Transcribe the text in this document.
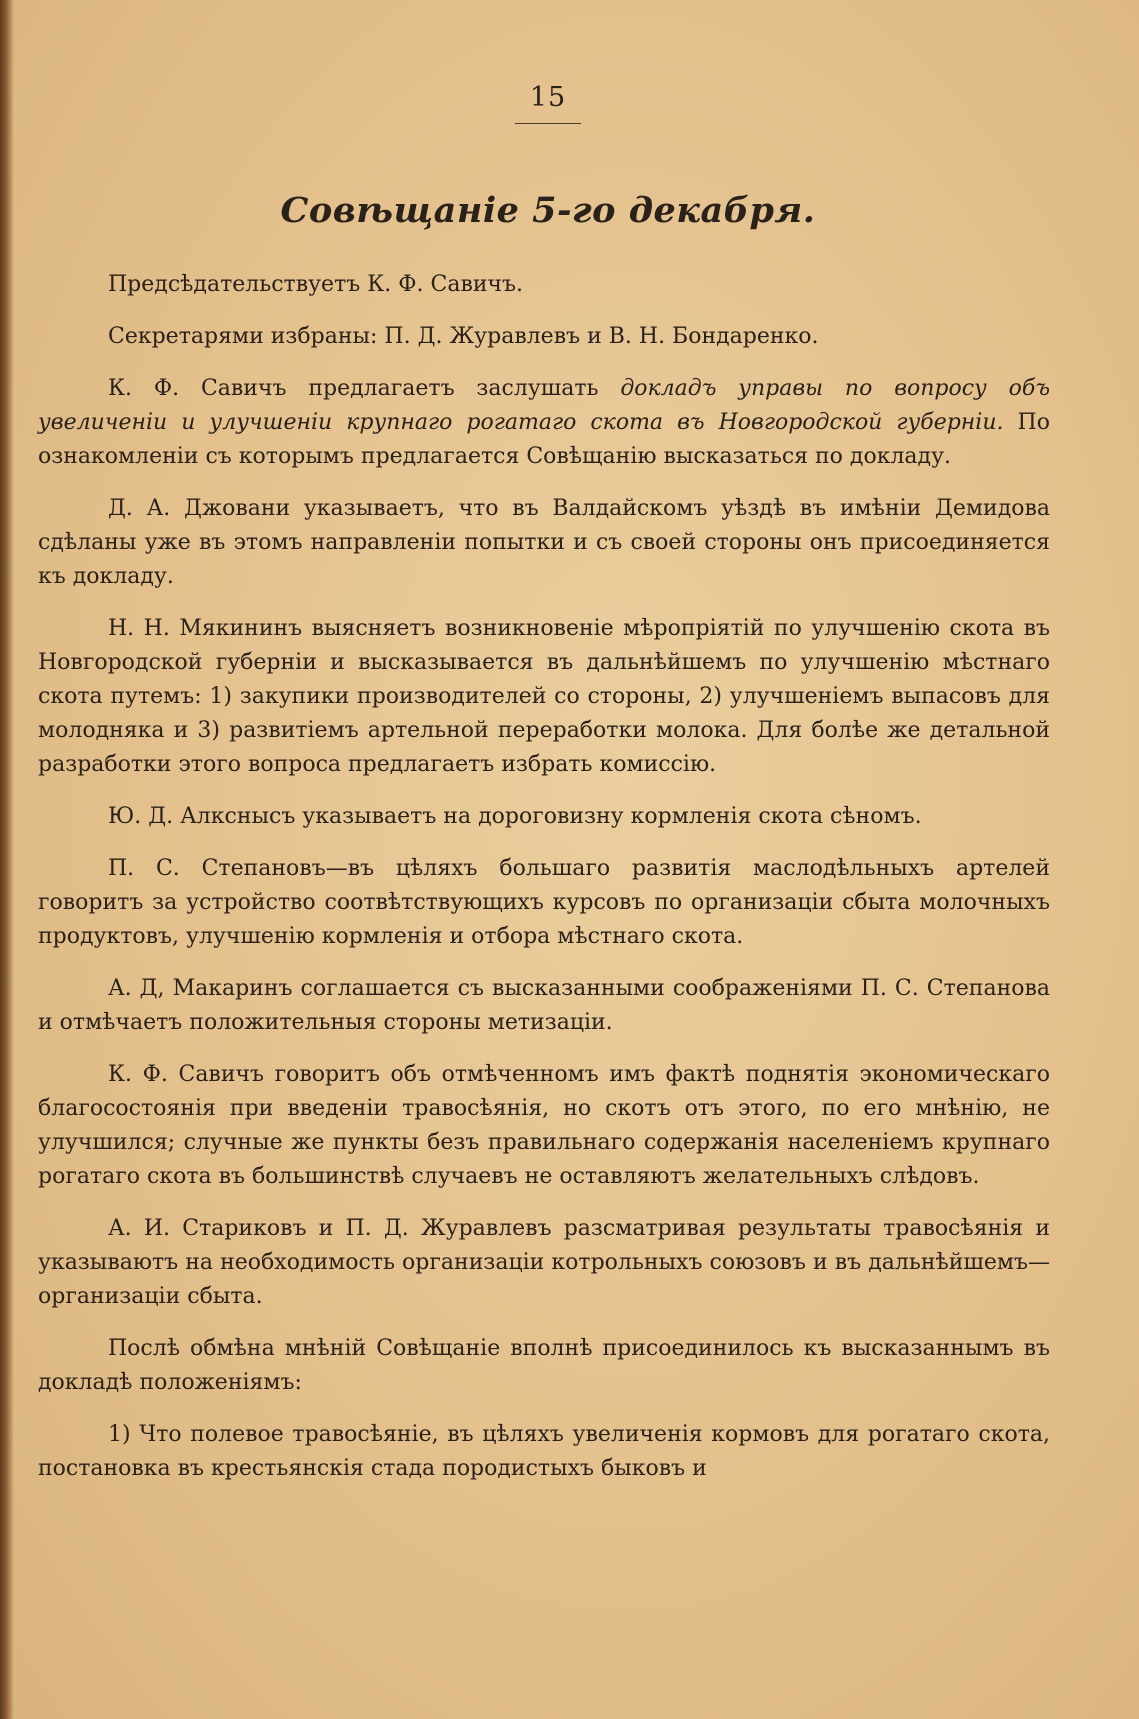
15
Совѣщаніе 5-го декабря.

Предсѣдательствуетъ К. Ф. Савичъ.

Секретарями избраны: П. Д. Журавлевъ и В. Н. Бондаренко.

К. Ф. Савичъ предлагаетъ заслушать докладъ управы по вопросу объ увеличеніи и улучшеніи крупнаго рогатаго скота въ Новгородской губерніи. По ознакомленіи съ которымъ предлагается Совѣщанію высказаться по докладу.

Д. А. Джовани указываетъ, что въ Валдайскомъ уѣздѣ въ имѣніи Демидова сдѣланы уже въ этомъ направленіи попытки и съ своей стороны онъ присоединяется къ докладу.

Н. Н. Мякининъ выясняетъ возникновеніе мѣропріятій по улучшенію скота въ Новгородской губерніи и высказывается въ дальнѣйшемъ по улучшенію мѣстнаго скота путемъ: 1) закупики производителей со стороны, 2) улучшеніемъ выпасовъ для молодняка и 3) развитіемъ артельной переработки молока. Для болѣе же детальной разработки этого вопроса предлагаетъ избрать комиссію.

Ю. Д. Алксныcъ указываетъ на дороговизну кормленія скота сѣномъ.

П. С. Степановъ—въ цѣляхъ большаго развитія маслодѣльныхъ артелей говоритъ за устройство соотвѣтствующихъ курсовъ по организаціи сбыта молочныхъ продуктовъ, улучшенію кормленія и отбора мѣстнаго скота.

А. Д, Макаринъ соглашается съ высказанными соображеніями П. С. Степанова и отмѣчаетъ положительныя стороны метизаціи.

К. Ф. Савичъ говоритъ объ отмѣченномъ имъ фактѣ поднятія экономическаго благосостоянія при введеніи травосѣянія, но скотъ отъ этого, по его мнѣнію, не улучшился; случные же пункты безъ правильнаго содержанія населеніемъ крупнаго рогатаго скота въ большинствѣ случаевъ не оставляютъ желательныхъ слѣдовъ.

А. И. Стариковъ и П. Д. Журавлевъ разсматривая результаты травосѣянія и указываютъ на необходимость организаціи котрольныхъ союзовъ и въ дальнѣйшемъ—организаціи сбыта.

Послѣ обмѣна мнѣній Совѣщаніе вполнѣ присоединилось къ высказаннымъ въ докладѣ положеніямъ:

1) Что полевое травосѣяніе, въ цѣляхъ увеличенія кормовъ для рогатаго скота, постановка въ крестьянскія стада породистыхъ быковъ и
